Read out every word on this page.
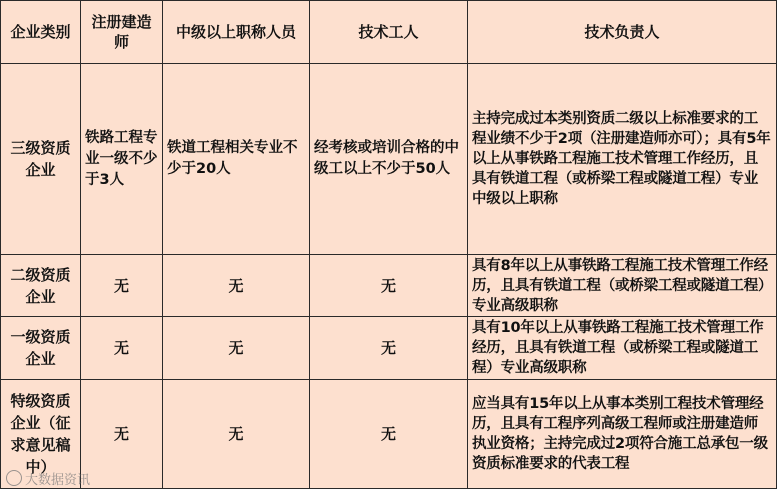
企业类别	注册建造师	中级以上职称人员	技术工人	技术负责人
三级资质企业	铁路工程专业一级不少于3人	铁道工程相关专业不少于20人	经考核或培训合格的中级工以上不少于50人	主持完成过本类别资质二级以上标准要求的工程业绩不少于2项（注册建造师亦可）；具有5年以上从事铁路工程施工技术管理工作经历，且具有铁道工程（或桥梁工程或隧道工程）专业中级以上职称
二级资质企业	无	无	无	具有8年以上从事铁路工程施工技术管理工作经历，且具有铁道工程（或桥梁工程或隧道工程）专业高级职称
一级资质企业	无	无	无	具有10年以上从事铁路工程施工技术管理工作经历，且具有铁道工程（或桥梁工程或隧道工程）专业高级职称
特级资质企业（征求意见稿中）	无	无	无	应当具有15年以上从事本类别工程技术管理经历，且具有工程序列高级工程师或注册建造师执业资格；主持完成过2项符合施工总承包一级资质标准要求的代表工程
大数据资讯
